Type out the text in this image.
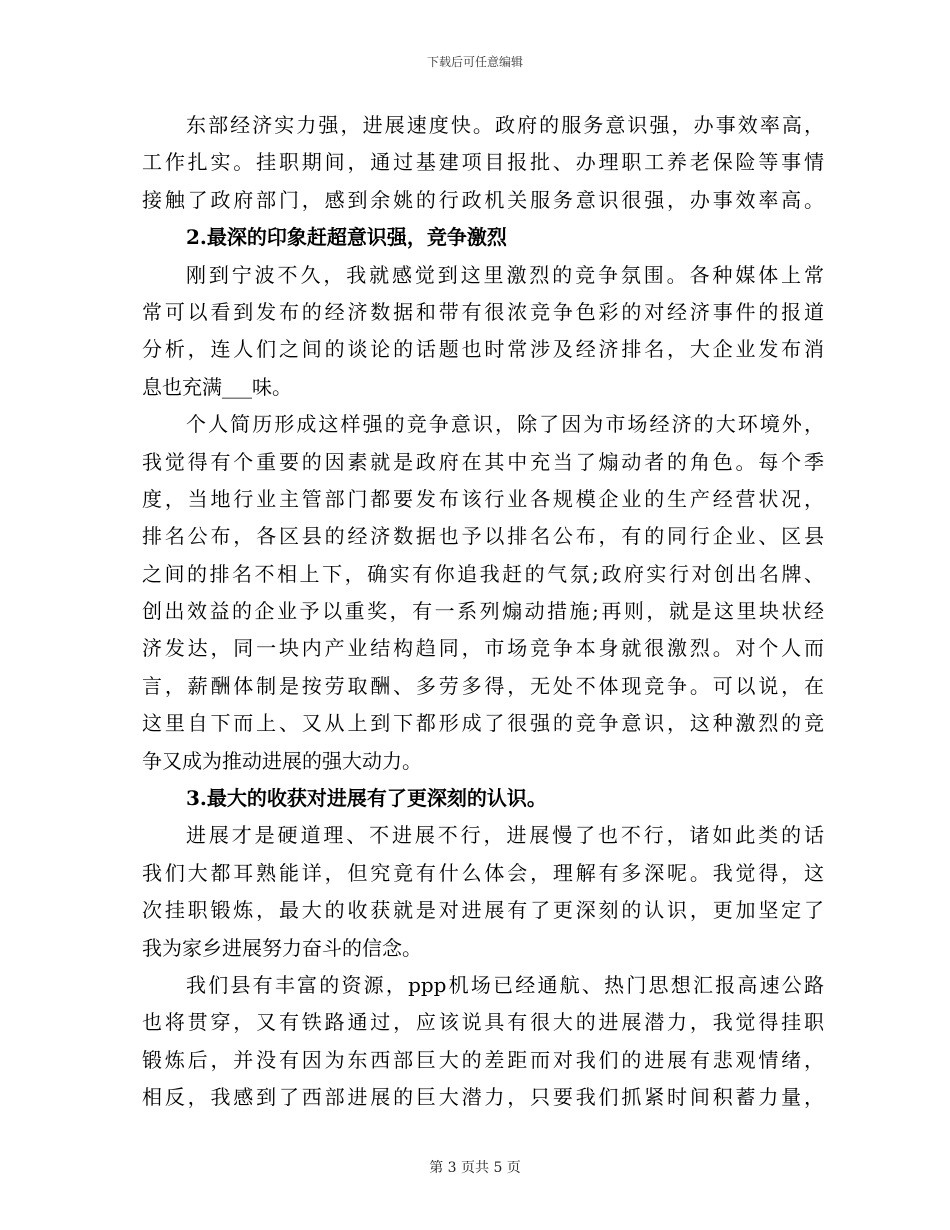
下载后可任意编辑
东部经济实力强，进展速度快。政府的服务意识强，办事效率高，
工作扎实。挂职期间，通过基建项目报批、办理职工养老保险等事情
接触了政府部门，感到余姚的行政机关服务意识很强，办事效率高。
2.最深的印象赶超意识强，竞争激烈
刚到宁波不久，我就感觉到这里激烈的竞争氛围。各种媒体上常
常可以看到发布的经济数据和带有很浓竞争色彩的对经济事件的报道
分析，连人们之间的谈论的话题也时常涉及经济排名，大企业发布消
息也充满___味。
个人简历形成这样强的竞争意识，除了因为市场经济的大环境外，
我觉得有个重要的因素就是政府在其中充当了煽动者的角色。每个季
度，当地行业主管部门都要发布该行业各规模企业的生产经营状况，
排名公布，各区县的经济数据也予以排名公布，有的同行企业、区县
之间的排名不相上下，确实有你追我赶的气氛;政府实行对创出名牌、
创出效益的企业予以重奖，有一系列煽动措施;再则，就是这里块状经
济发达，同一块内产业结构趋同，市场竞争本身就很激烈。对个人而
言，薪酬体制是按劳取酬、多劳多得，无处不体现竞争。可以说，在
这里自下而上、又从上到下都形成了很强的竞争意识，这种激烈的竞
争又成为推动进展的强大动力。
3.最大的收获对进展有了更深刻的认识。
进展才是硬道理、不进展不行，进展慢了也不行，诸如此类的话
我们大都耳熟能详，但究竟有什么体会，理解有多深呢。我觉得，这
次挂职锻炼，最大的收获就是对进展有了更深刻的认识，更加坚定了
我为家乡进展努力奋斗的信念。
我们县有丰富的资源，ppp机场已经通航、热门思想汇报高速公路
也将贯穿，又有铁路通过，应该说具有很大的进展潜力，我觉得挂职
锻炼后，并没有因为东西部巨大的差距而对我们的进展有悲观情绪，
相反，我感到了西部进展的巨大潜力，只要我们抓紧时间积蓄力量，
第 3 页共 5 页
